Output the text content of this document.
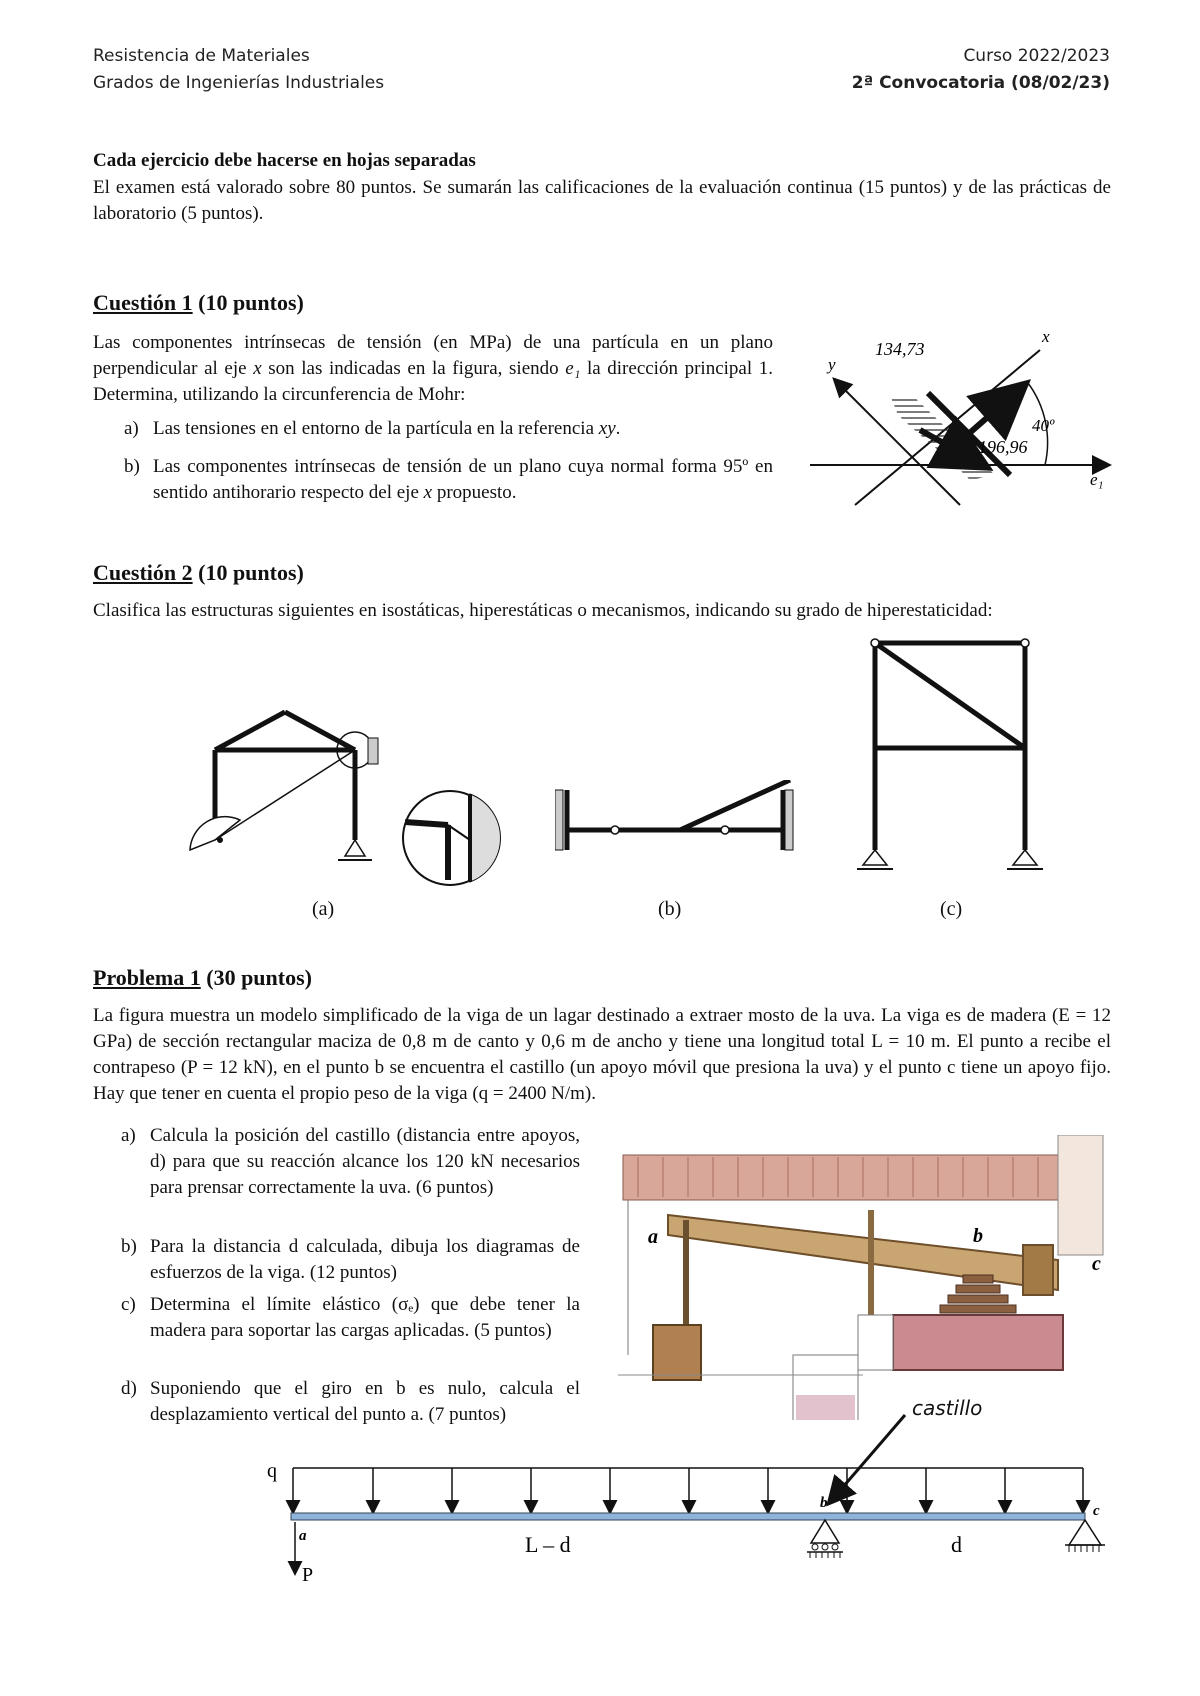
Resistencia de Materiales
Grados de Ingenierías Industriales
Curso 2022/2023
2ª Convocatoria (08/02/23)
Cada ejercicio debe hacerse en hojas separadas
El examen está valorado sobre 80 puntos. Se sumarán las calificaciones de la evaluación continua (15 puntos) y de las prácticas de laboratorio (5 puntos).
Cuestión 1 (10 puntos)
Las componentes intrínsecas de tensión (en MPa) de una partícula en un plano perpendicular al eje x son las indicadas en la figura, siendo e₁ la dirección principal 1. Determina, utilizando la circunferencia de Mohr:
a) Las tensiones en el entorno de la partícula en la referencia xy.
b) Las componentes intrínsecas de tensión de un plano cuya normal forma 95º en sentido antihorario respecto del eje x propuesto.
134,73
196,96
40º
x
y
e₁
Cuestión 2 (10 puntos)
Clasifica las estructuras siguientes en isostáticas, hiperestáticas o mecanismos, indicando su grado de hiperestaticidad:
(a)	(b)	(c)
Problema 1 (30 puntos)
La figura muestra un modelo simplificado de la viga de un lagar destinado a extraer mosto de la uva. La viga es de madera (E = 12 GPa) de sección rectangular maciza de 0,8 m de canto y 0,6 m de ancho y tiene una longitud total L = 10 m. El punto a recibe el contrapeso (P = 12 kN), en el punto b se encuentra el castillo (un apoyo móvil que presiona la uva) y el punto c tiene un apoyo fijo. Hay que tener en cuenta el propio peso de la viga (q = 2400 N/m).
a) Calcula la posición del castillo (distancia entre apoyos, d) para que su reacción alcance los 120 kN necesarios para prensar correctamente la uva. (6 puntos)
b) Para la distancia d calculada, dibuja los diagramas de esfuerzos de la viga. (12 puntos)
c) Determina el límite elástico (σₑ) que debe tener la madera para soportar las cargas aplicadas. (5 puntos)
d) Suponiendo que el giro en b es nulo, calcula el desplazamiento vertical del punto a. (7 puntos)
a	b
c
castillo
q
P
a
b	c
L – d	d
